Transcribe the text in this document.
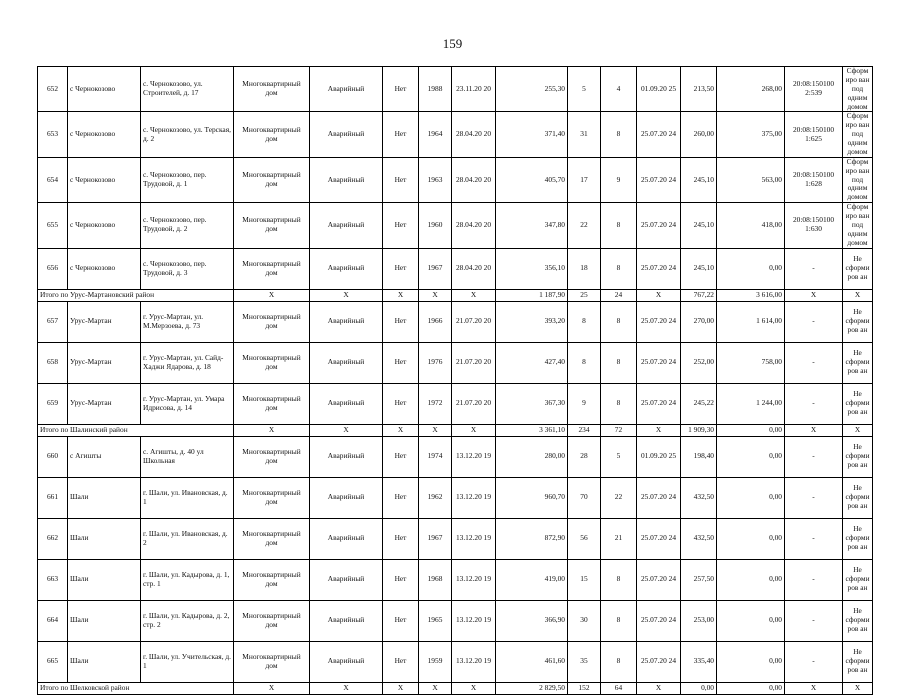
159
652	с Чернокозово	с. Чернокозово, ул. Строителей, д. 17	Многоквартирный дом	Аварийный	Нет	1988	23.11.20 20	255,30	5	4	01.09.20 25	213,50	268,00	20:08:150100 2:539	Сформиро ван под одним домом
653	с Чернокозово	с. Чернокозово, ул. Терская, д. 2	Многоквартирный дом	Аварийный	Нет	1964	28.04.20 20	371,40	31	8	25.07.20 24	260,00	375,00	20:08:150100 1:625	Сформиро ван под одним домом
654	с Чернокозово	с. Чернокозово, пер. Трудовой, д. 1	Многоквартирный дом	Аварийный	Нет	1963	28.04.20 20	405,70	17	9	25.07.20 24	245,10	563,00	20:08:150100 1:628	Сформиро ван под одним домом
655	с Чернокозово	с. Чернокозово, пер. Трудовой, д. 2	Многоквартирный дом	Аварийный	Нет	1960	28.04.20 20	347,80	22	8	25.07.20 24	245,10	418,00	20:08:150100 1:630	Сформиро ван под одним домом
656	с Чернокозово	с. Чернокозово, пер. Трудовой, д. 3	Многоквартирный дом	Аварийный	Нет	1967	28.04.20 20	356,10	18	8	25.07.20 24	245,10	0,00	-	Не сформиров ан
Итого по Урус-Мартановский район			X	X	X	X	X	1 187,90	25	24	X	767,22	3 616,00	X	X
657	Урус-Мартан	г. Урус-Мартан, ул. М.Мерзоева, д. 73	Многоквартирный дом	Аварийный	Нет	1966	21.07.20 20	393,20	8	8	25.07.20 24	270,00	1 614,00	-	Не сформиров ан
658	Урус-Мартан	г. Урус-Мартан, ул. Сайд-Хаджи Ядарова, д. 18	Многоквартирный дом	Аварийный	Нет	1976	21.07.20 20	427,40	8	8	25.07.20 24	252,00	758,00	-	Не сформиров ан
659	Урус-Мартан	г. Урус-Мартан, ул. Умара Идрисова, д. 14	Многоквартирный дом	Аварийный	Нет	1972	21.07.20 20	367,30	9	8	25.07.20 24	245,22	1 244,00	-	Не сформиров ан
Итого по Шалинский район			X	X	X	X	X	3 361,10	234	72	X	1 909,30	0,00	X	X
660	с Агишты	с. Агишты, д. 40 ул Школьная	Многоквартирный дом	Аварийный	Нет	1974	13.12.20 19	280,00	28	5	01.09.20 25	198,40	0,00	-	Не сформиров ан
661	Шали	г. Шали, ул. Ивановская, д. 1	Многоквартирный дом	Аварийный	Нет	1962	13.12.20 19	960,70	70	22	25.07.20 24	432,50	0,00	-	Не сформиров ан
662	Шали	г. Шали, ул. Ивановская, д. 2	Многоквартирный дом	Аварийный	Нет	1967	13.12.20 19	872,90	56	21	25.07.20 24	432,50	0,00	-	Не сформиров ан
663	Шали	г. Шали, ул. Кадырова, д. 1, стр. 1	Многоквартирный дом	Аварийный	Нет	1968	13.12.20 19	419,00	15	8	25.07.20 24	257,50	0,00	-	Не сформиров ан
664	Шали	г. Шали, ул. Кадырова, д. 2, стр. 2	Многоквартирный дом	Аварийный	Нет	1965	13.12.20 19	366,90	30	8	25.07.20 24	253,00	0,00	-	Не сформиров ан
665	Шали	г. Шали, ул. Учительская, д. 1	Многоквартирный дом	Аварийный	Нет	1959	13.12.20 19	461,60	35	8	25.07.20 24	335,40	0,00	-	Не сформиров ан
Итого по Шелковской район			X	X	X	X	X	2 829,50	152	64	X	0,00	0,00	X	X
